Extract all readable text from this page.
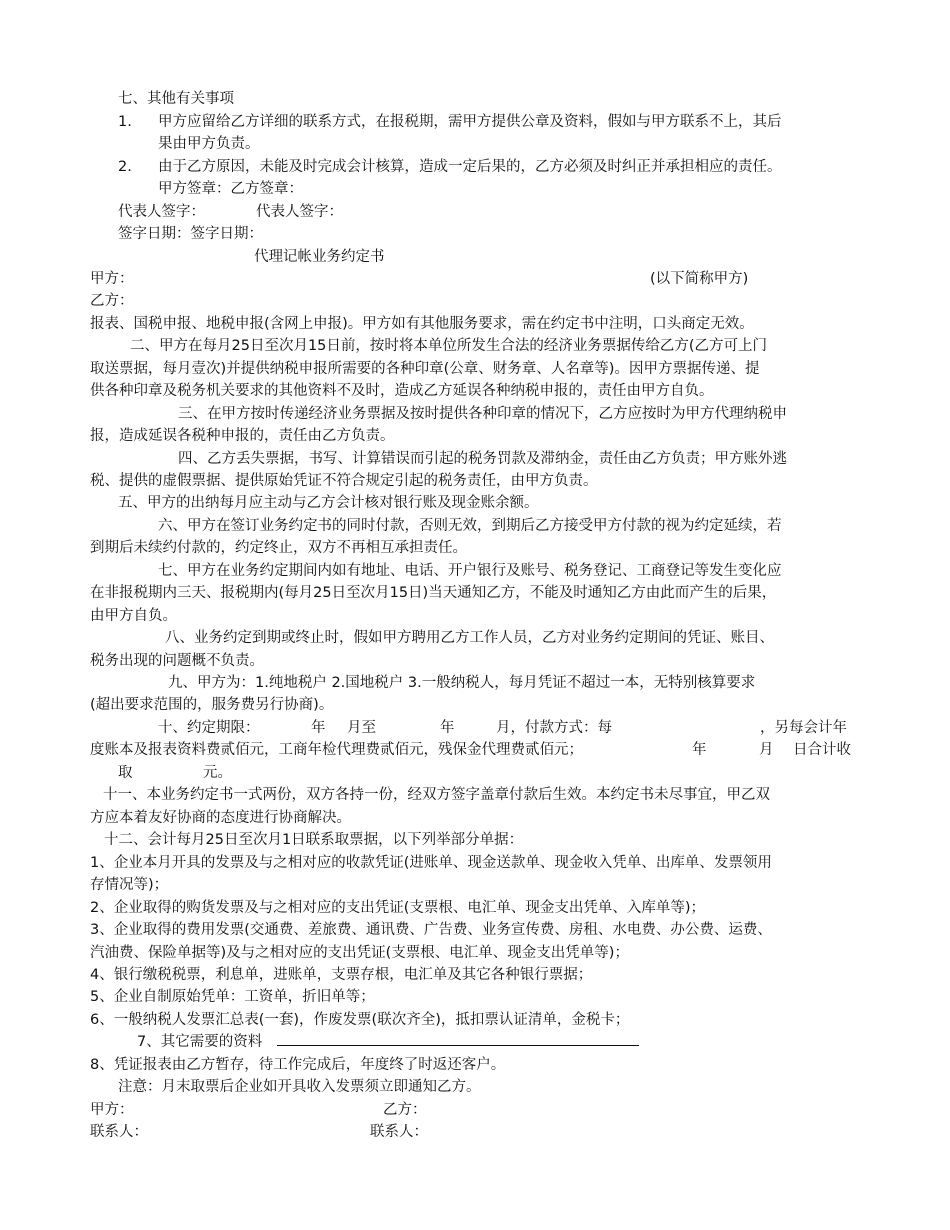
七、其他有关事项
1. 甲方应留给乙方详细的联系方式，在报税期，需甲方提供公章及资料，假如与甲方联系不上，其后
果由甲方负责。
2. 由于乙方原因，未能及时完成会计核算，造成一定后果的，乙方必须及时纠正并承担相应的责任。
甲方签章：乙方签章：
代表人签字：	代表人签字：
签字日期：签字日期：
代理记帐业务约定书
甲方：	(以下简称甲方)
乙方：
报表、国税申报、地税申报(含网上申报)。甲方如有其他服务要求，需在约定书中注明，口头商定无效。
二、甲方在每月25日至次月15日前，按时将本单位所发生合法的经济业务票据传给乙方(乙方可上门
取送票据，每月壹次)并提供纳税申报所需要的各种印章(公章、财务章、人名章等)。因甲方票据传递、提
供各种印章及税务机关要求的其他资料不及时，造成乙方延误各种纳税申报的，责任由甲方自负。
三、在甲方按时传递经济业务票据及按时提供各种印章的情况下，乙方应按时为甲方代理纳税申
报，造成延误各税种申报的，责任由乙方负责。
四、乙方丢失票据，书写、计算错误而引起的税务罚款及滞纳金，责任由乙方负责；甲方账外逃
税、提供的虚假票据、提供原始凭证不符合规定引起的税务责任，由甲方负责。
五、甲方的出纳每月应主动与乙方会计核对银行账及现金账余额。
六、甲方在签订业务约定书的同时付款，否则无效，到期后乙方接受甲方付款的视为约定延续，若
到期后未续约付款的，约定终止，双方不再相互承担责任。
七、甲方在业务约定期间内如有地址、电话、开户银行及账号、税务登记、工商登记等发生变化应
在非报税期内三天、报税期内(每月25日至次月15日)当天通知乙方，不能及时通知乙方由此而产生的后果，
由甲方自负。
八、业务约定到期或终止时，假如甲方聘用乙方工作人员，乙方对业务约定期间的凭证、账目、
税务出现的问题概不负责。
九、甲方为：1.纯地税户 2.国地税户 3.一般纳税人，每月凭证不超过一本，无特别核算要求
(超出要求范围的，服务费另行协商)。
十、约定期限：	年 月至	年	月，付款方式：每	，另每会计年
度账本及报表资料费贰佰元，工商年检代理费贰佰元，残保金代理费贰佰元；	年	月 日合计收
取	元。
十一、本业务约定书一式两份，双方各持一份，经双方签字盖章付款后生效。本约定书未尽事宜，甲乙双
方应本着友好协商的态度进行协商解决。
十二、会计每月25日至次月1日联系取票据，以下列举部分单据：
1、企业本月开具的发票及与之相对应的收款凭证(进账单、现金送款单、现金收入凭单、出库单、发票领用
存情况等)；
2、企业取得的购货发票及与之相对应的支出凭证(支票根、电汇单、现金支出凭单、入库单等)；
3、企业取得的费用发票(交通费、差旅费、通讯费、广告费、业务宣传费、房租、水电费、办公费、运费、
汽油费、保险单据等)及与之相对应的支出凭证(支票根、电汇单、现金支出凭单等)；
4、银行缴税税票，利息单，进账单，支票存根，电汇单及其它各种银行票据；
5、企业自制原始凭单：工资单，折旧单等；
6、一般纳税人发票汇总表(一套)，作废发票(联次齐全)，抵扣票认证清单，金税卡；
7、其它需要的资料
8、凭证报表由乙方暂存，待工作完成后，年度终了时返还客户。
注意：月末取票后企业如开具收入发票须立即通知乙方。
甲方：	乙方：
联系人：	联系人：
